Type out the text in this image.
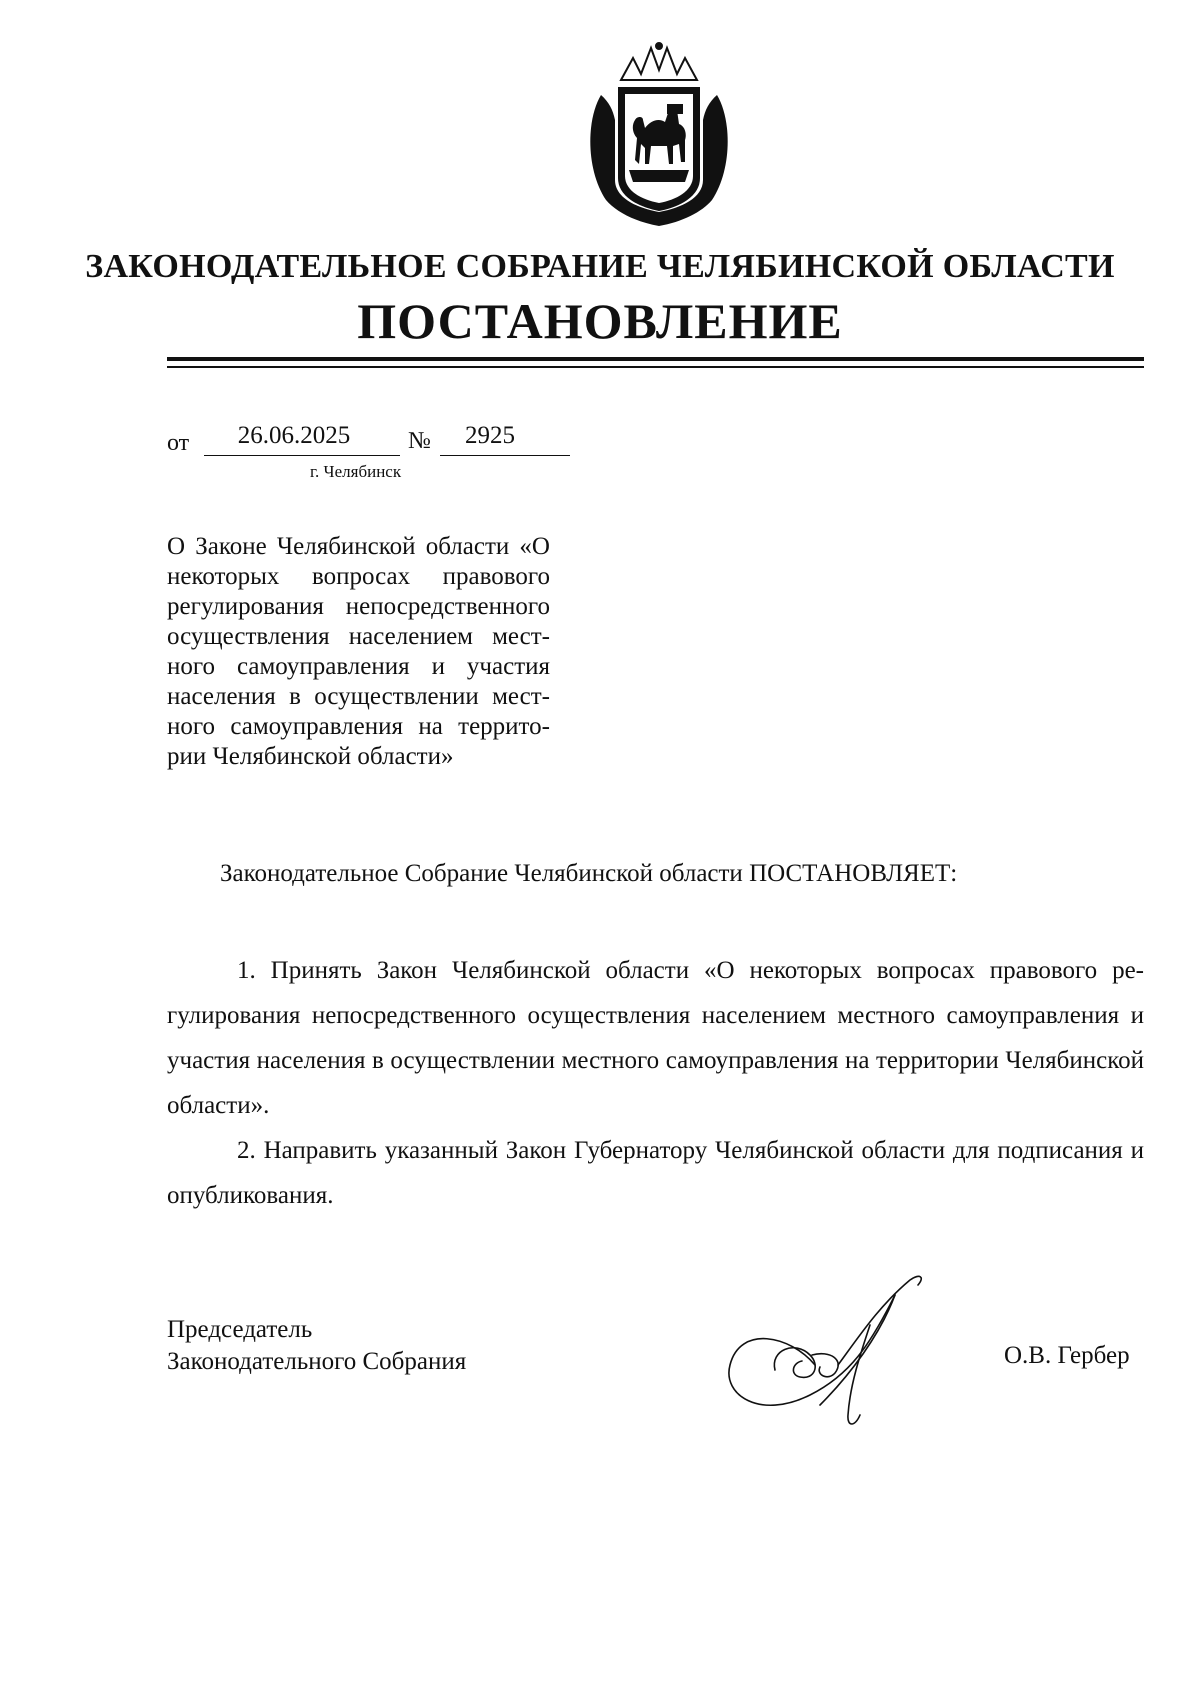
ЗАКОНОДАТЕЛЬНОЕ СОБРАНИЕ ЧЕЛЯБИНСКОЙ ОБЛАСТИ
ПОСТАНОВЛЕНИЕ
от	26.06.2025	№	2925
г. Челябинск

О Законе Челябинской области «О некоторых вопросах правового регулирования непосредственного осуществления населением местного самоуправления и участия населения в осуществлении местного самоуправления на территории Челябинской области»

Законодательное Собрание Челябинской области ПОСТАНОВЛЯЕТ:

1. Принять Закон Челябинской области «О некоторых вопросах правового регулирования непосредственного осуществления населением местного самоуправления и участия населения в осуществлении местного самоуправления на территории Челябинской области».

2. Направить указанный Закон Губернатору Челябинской области для подписания и опубликования.

Председатель
Законодательного Собрания	О.В. Гербер
